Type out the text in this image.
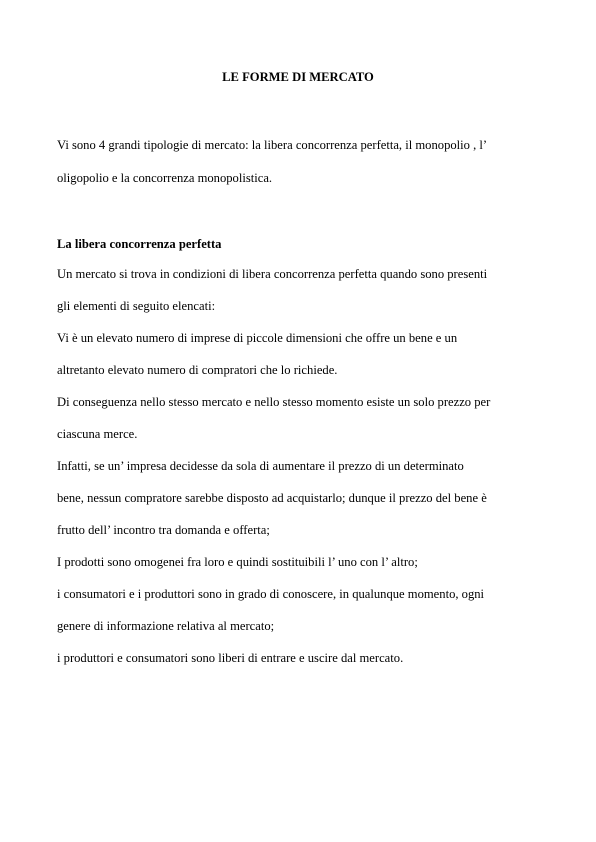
LE FORME DI MERCATO
Vi sono 4 grandi tipologie di mercato: la libera concorrenza perfetta, il monopolio , l’
oligopolio e la concorrenza monopolistica.
La libera concorrenza perfetta
Un mercato si trova in condizioni di libera concorrenza perfetta quando sono presenti
gli elementi di seguito elencati:
Vi è un elevato numero di imprese di piccole dimensioni che offre un bene e un
altretanto elevato numero di compratori che lo richiede.
Di conseguenza nello stesso mercato e nello stesso momento esiste un solo prezzo per
ciascuna merce.
Infatti, se un’ impresa decidesse da sola di aumentare il prezzo di un determinato
bene, nessun compratore sarebbe disposto ad acquistarlo; dunque il prezzo del bene è
frutto dell’ incontro tra domanda e offerta;
I prodotti sono omogenei fra loro e quindi sostituibili l’ uno con l’ altro;
i consumatori e i produttori sono in grado di conoscere, in qualunque momento, ogni
genere di informazione relativa al mercato;
i produttori e consumatori sono liberi di entrare e uscire dal mercato.
